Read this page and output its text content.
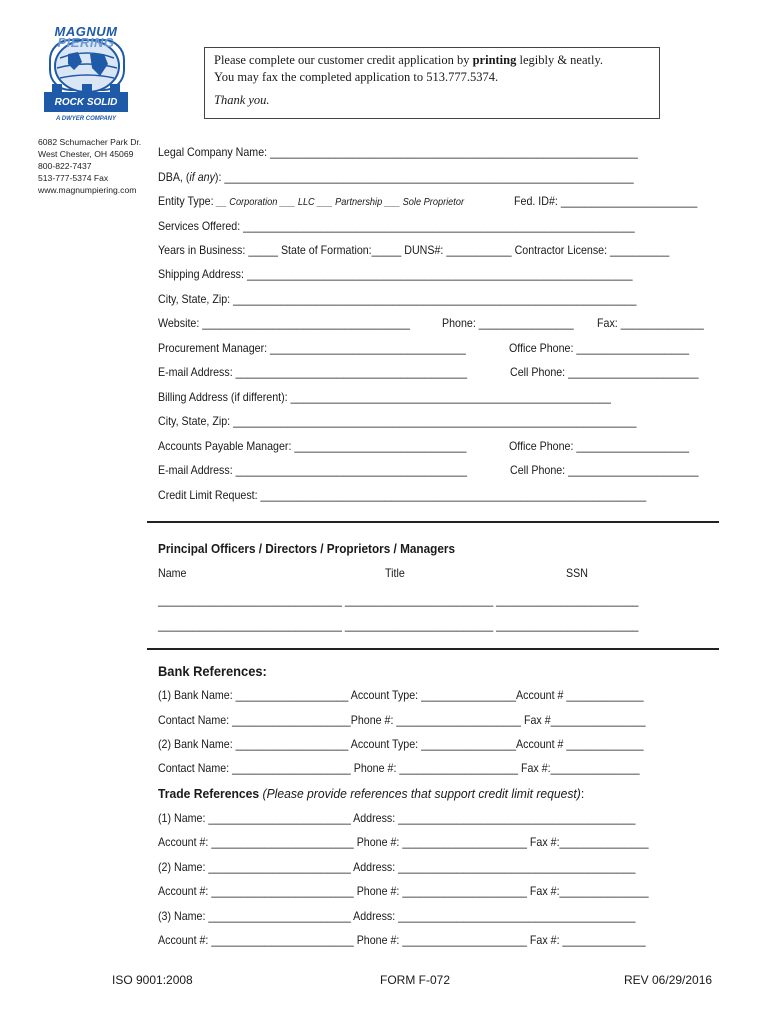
MAGNUM
PIERING
ROCK SOLID
A DWYER COMPANY
6082 Schumacher Park Dr.
West Chester, OH 45069
800-822-7437
513-777-5374 Fax
www.magnumpiering.com
Please complete our customer credit application by printing legibly & neatly.
You may fax the completed application to 513.777.5374.
Thank you.
Legal Company Name: ______________________________________________________________
DBA, (if any): _____________________________________________________________________
Entity Type: __ Corporation ___ LLC ___ Partnership ___ Sole Proprietor	Fed. ID#: _______________________
Services Offered: __________________________________________________________________
Years in Business: _____ State of Formation:_____ DUNS#: ___________ Contractor License: __________
Shipping Address: _________________________________________________________________
City, State, Zip: ____________________________________________________________________
Website: ___________________________________	Phone: ________________ Fax: ______________
Procurement Manager: _________________________________	Office Phone: ___________________
E-mail Address: _______________________________________	Cell Phone: ______________________
Billing Address (if different): ______________________________________________________
City, State, Zip: ____________________________________________________________________
Accounts Payable Manager: _____________________________	Office Phone: ___________________
E-mail Address: _______________________________________	Cell Phone: ______________________
Credit Limit Request: _________________________________________________________________
Principal Officers / Directors / Proprietors / Managers
Name	Title	SSN
_______________________________ _________________________ ________________________
_______________________________ _________________________ ________________________
Bank References:
(1) Bank Name: ___________________ Account Type: ________________Account # _____________
Contact Name: ____________________Phone #: _____________________ Fax #________________
(2) Bank Name: ___________________ Account Type: ________________Account # _____________
Contact Name: ____________________ Phone #: ____________________ Fax #:_______________
Trade References (Please provide references that support credit limit request):
(1) Name: ________________________ Address: ________________________________________
Account #: ________________________ Phone #: _____________________ Fax #:_______________
(2) Name: ________________________ Address: ________________________________________
Account #: ________________________ Phone #: _____________________ Fax #:_______________
(3) Name: ________________________ Address: ________________________________________
Account #: ________________________ Phone #: _____________________ Fax #: ______________
ISO 9001:2008	FORM F-072	REV 06/29/2016
